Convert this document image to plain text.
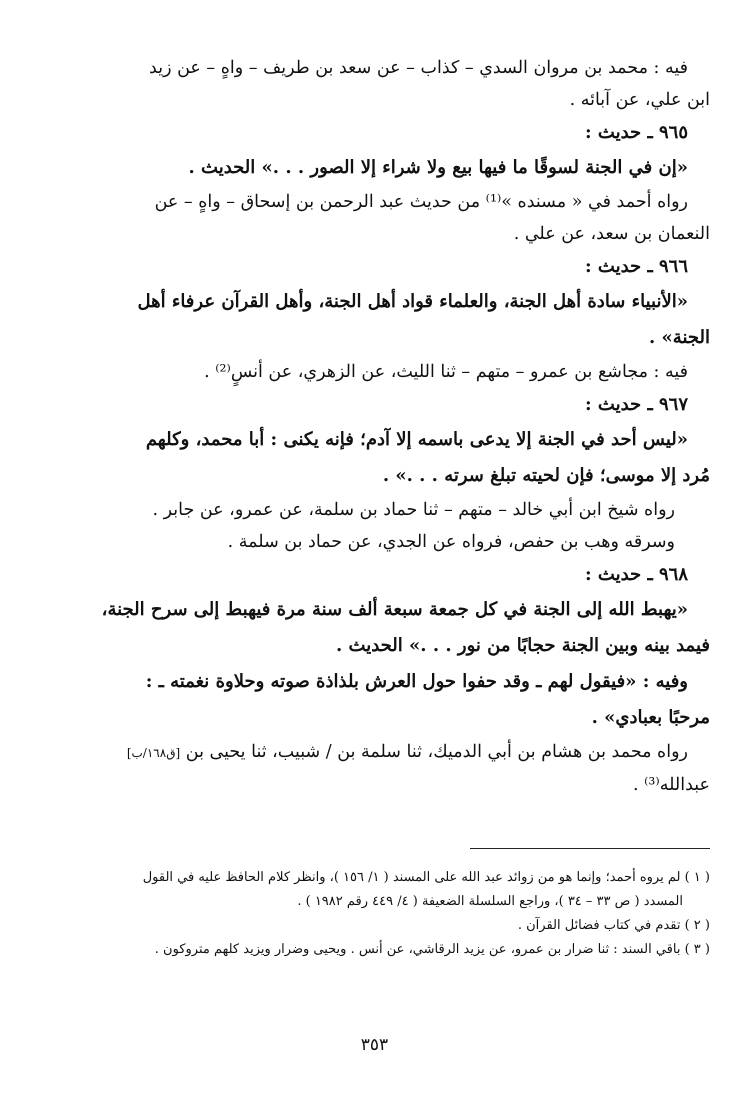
فيه : محمد بن مروان السدي – كذاب – عن سعد بن طريف – واهٍ – عن زيد
ابن علي، عن آبائه .
٩٦٥ ـ حديث :
«إن في الجنة لسوقًا ما فيها بيع ولا شراء إلا الصور . . .» الحديث .
رواه أحمد في « مسنده »⁽¹⁾ من حديث عبد الرحمن بن إسحاق – واهٍ – عن
النعمان بن سعد، عن علي .
٩٦٦ ـ حديث :
«الأنبياء سادة أهل الجنة، والعلماء قواد أهل الجنة، وأهل القرآن عرفاء أهل
الجنة» .
فيه : مجاشع بن عمرو – متهم – ثنا الليث، عن الزهري، عن أنسٍ⁽²⁾ .
٩٦٧ ـ حديث :
«ليس أحد في الجنة إلا يدعى باسمه إلا آدم؛ فإنه يكنى : أبا محمد، وكلهم
مُرد إلا موسى؛ فإن لحيته تبلغ سرته . . .» .
رواه شيخ ابن أبي خالد – متهم – ثنا حماد بن سلمة، عن عمرو، عن جابر .
وسرقه وهب بن حفص، فرواه عن الجدي، عن حماد بن سلمة .
٩٦٨ ـ حديث :
«يهبط الله إلى الجنة في كل جمعة سبعة ألف سنة مرة فيهبط إلى سرح الجنة،
فيمد بينه وبين الجنة حجابًا من نور . . .» الحديث .
وفيه : «فيقول لهم ـ وقد حفوا حول العرش بلذاذة صوته وحلاوة نغمته ـ :
مرحبًا بعبادي» .
رواه محمد بن هشام بن أبي الدميك، ثنا سلمة بن / شبيب، ثنا يحيى بن [ق١٦٨/ب]
عبدالله⁽³⁾ .
( ١ ) لم يروه أحمد؛ وإنما هو من زوائد عبد الله على المسند ( ١/ ١٥٦ )، وانظر كلام الحافظ عليه في القول
المسدد ( ص ٣٣ – ٣٤ )، وراجع السلسلة الضعيفة ( ٤/ ٤٤٩ رقم ١٩٨٢ ) .
( ٢ ) تقدم في كتاب فضائل القرآن .
( ٣ ) باقي السند : ثنا ضرار بن عمرو، عن يزيد الرقاشي، عن أنس . ويحيى وضرار ويزيد كلهم متروكون .
٣٥٣
